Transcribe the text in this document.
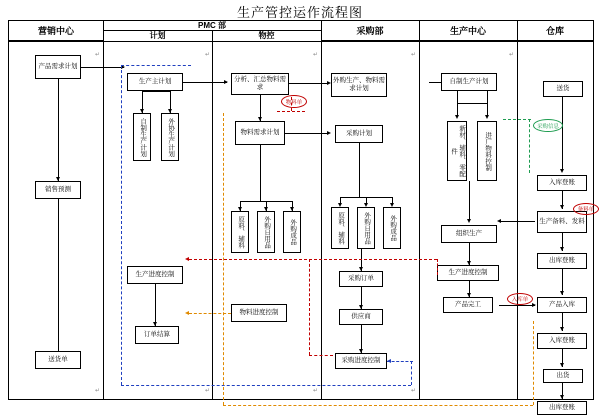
生产管控运作流程图
营销中心
PMC 部
计划	物控	采购部	生产中心	仓库
产品需求计划
销售预测
送货单
生产主计划
自制生产计划	外协生产计划
生产进度控制
订单结算
分析、汇总物料需求
物料需求计划
原料、辅料	外购日用品	外购成品
物料进度控制
外购生产、物料需求计划
采购计划
原料、辅料	外购日用品	外购成品
采购订单
供应商
采购进度控制
自制生产计划
新材、辅料、零配件	进厂物料控制
组织生产
生产进度控制
产品完工
送货
入库登账
生产备料、发料
出库登账
产品入库
入库登账
出货
出库登账
物料单
采购信息
备料单
入库单
↵	↵	↵	↵	↵
↵	↵	↵	↵
